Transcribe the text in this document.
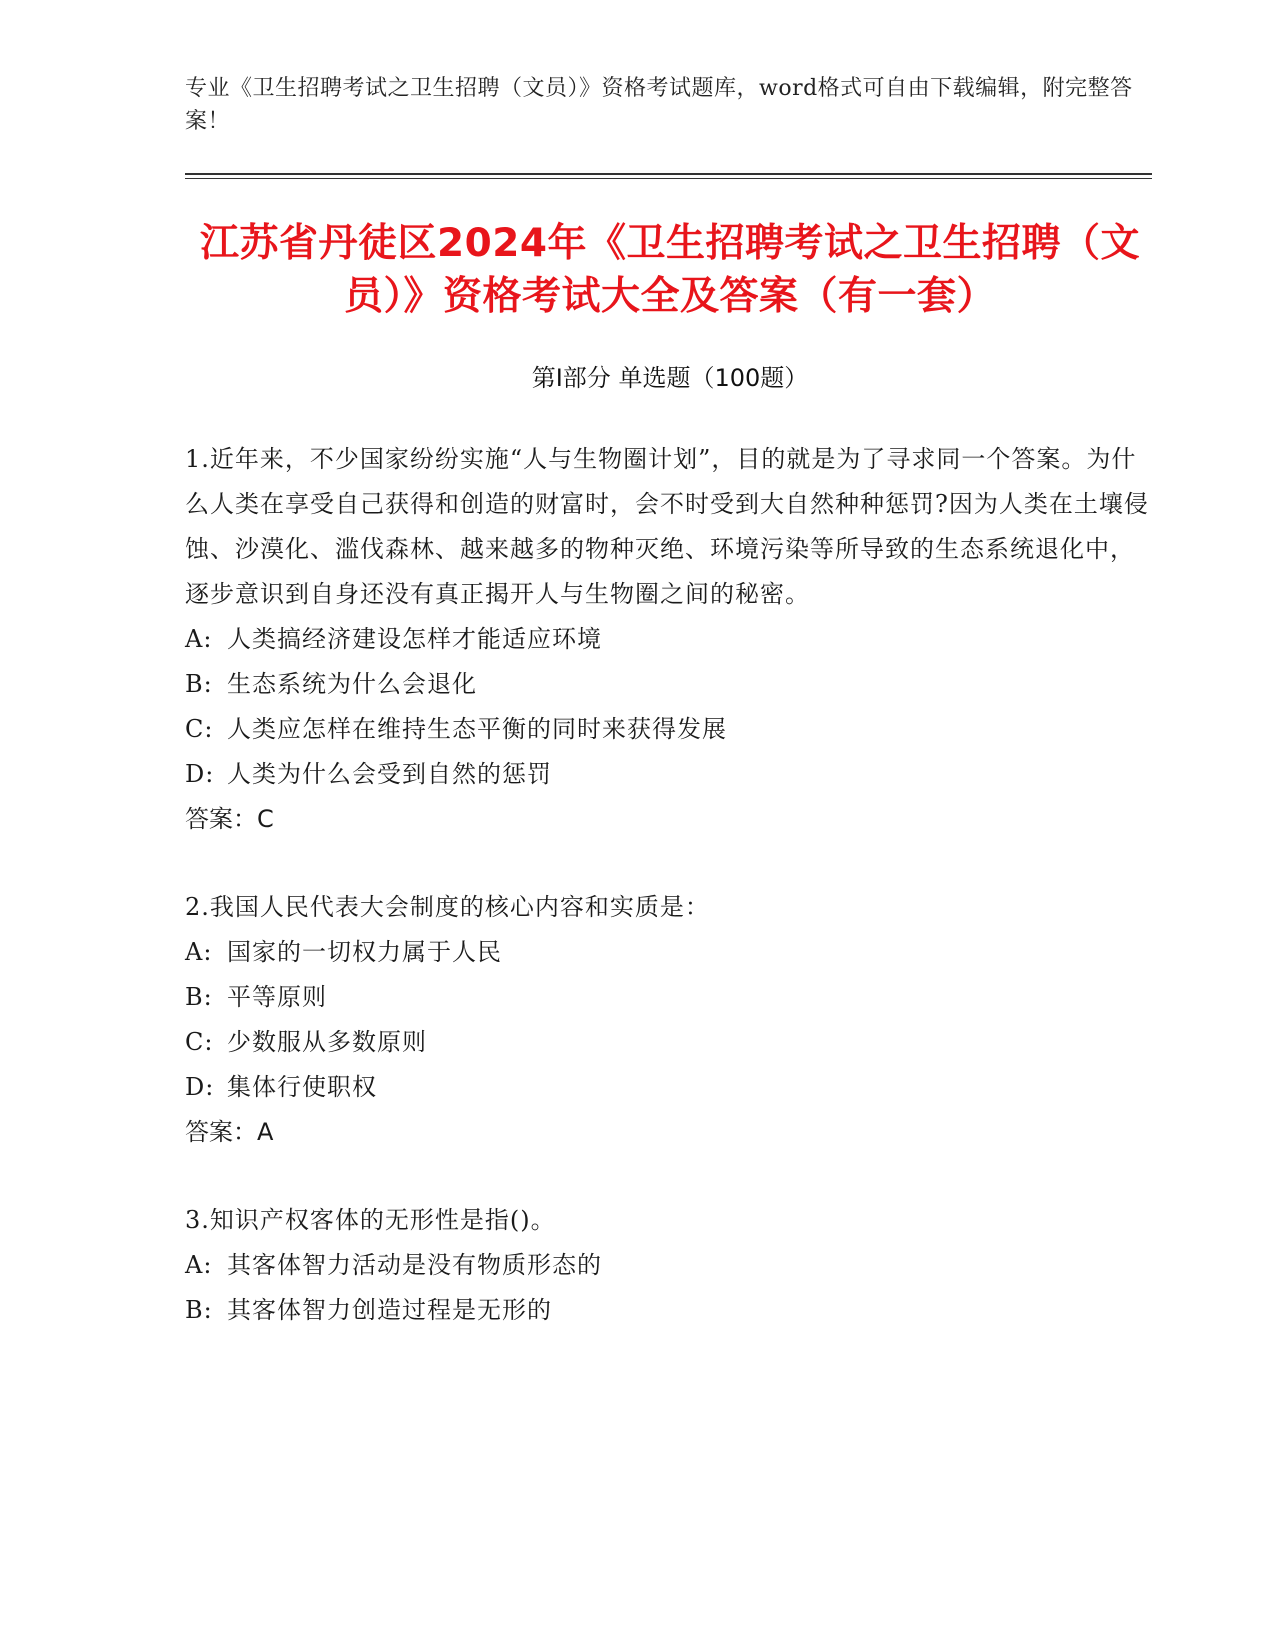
专业《卫生招聘考试之卫生招聘（文员）》资格考试题库，word格式可自由下载编辑，附完整答案！

江苏省丹徒区2024年《卫生招聘考试之卫生招聘（文员）》资格考试大全及答案（有一套）
第Ⅰ部分 单选题（100题）

1.近年来，不少国家纷纷实施“人与生物圈计划”，目的就是为了寻求同一个答案。为什么人类在享受自己获得和创造的财富时，会不时受到大自然种种惩罚?因为人类在土壤侵蚀、沙漠化、滥伐森林、越来越多的物种灭绝、环境污染等所导致的生态系统退化中，逐步意识到自身还没有真正揭开人与生物圈之间的秘密。

A: 人类搞经济建设怎样才能适应环境

B: 生态系统为什么会退化

C: 人类应怎样在维持生态平衡的同时来获得发展

D: 人类为什么会受到自然的惩罚

答案：C

2.我国人民代表大会制度的核心内容和实质是：

A: 国家的一切权力属于人民

B: 平等原则

C: 少数服从多数原则

D: 集体行使职权

答案：A

3.知识产权客体的无形性是指()。

A: 其客体智力活动是没有物质形态的

B: 其客体智力创造过程是无形的
